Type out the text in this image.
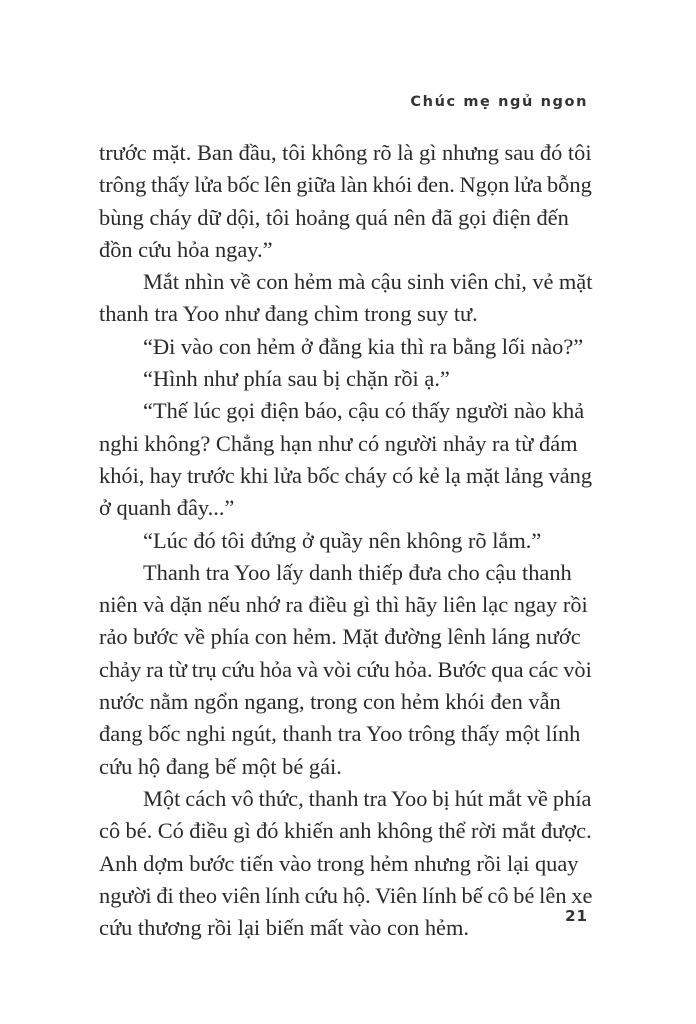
Chúc mẹ ngủ ngon
trước mặt. Ban đầu, tôi không rõ là gì nhưng sau đó tôi
trông thấy lửa bốc lên giữa làn khói đen. Ngọn lửa bỗng
bùng cháy dữ dội, tôi hoảng quá nên đã gọi điện đến
đồn cứu hỏa ngay.”
Mắt nhìn về con hẻm mà cậu sinh viên chỉ, vẻ mặt
thanh tra Yoo như đang chìm trong suy tư.
“Đi vào con hẻm ở đằng kia thì ra bằng lối nào?”
“Hình như phía sau bị chặn rồi ạ.”
“Thế lúc gọi điện báo, cậu có thấy người nào khả
nghi không? Chẳng hạn như có người nhảy ra từ đám
khói, hay trước khi lửa bốc cháy có kẻ lạ mặt lảng vảng
ở quanh đây...”
“Lúc đó tôi đứng ở quầy nên không rõ lắm.”
Thanh tra Yoo lấy danh thiếp đưa cho cậu thanh
niên và dặn nếu nhớ ra điều gì thì hãy liên lạc ngay rồi
rảo bước về phía con hẻm. Mặt đường lênh láng nước
chảy ra từ trụ cứu hỏa và vòi cứu hỏa. Bước qua các vòi
nước nằm ngổn ngang, trong con hẻm khói đen vẫn
đang bốc nghi ngút, thanh tra Yoo trông thấy một lính
cứu hộ đang bế một bé gái.
Một cách vô thức, thanh tra Yoo bị hút mắt về phía
cô bé. Có điều gì đó khiến anh không thể rời mắt được.
Anh dợm bước tiến vào trong hẻm nhưng rồi lại quay
người đi theo viên lính cứu hộ. Viên lính bế cô bé lên xe
cứu thương rồi lại biến mất vào con hẻm.	21
